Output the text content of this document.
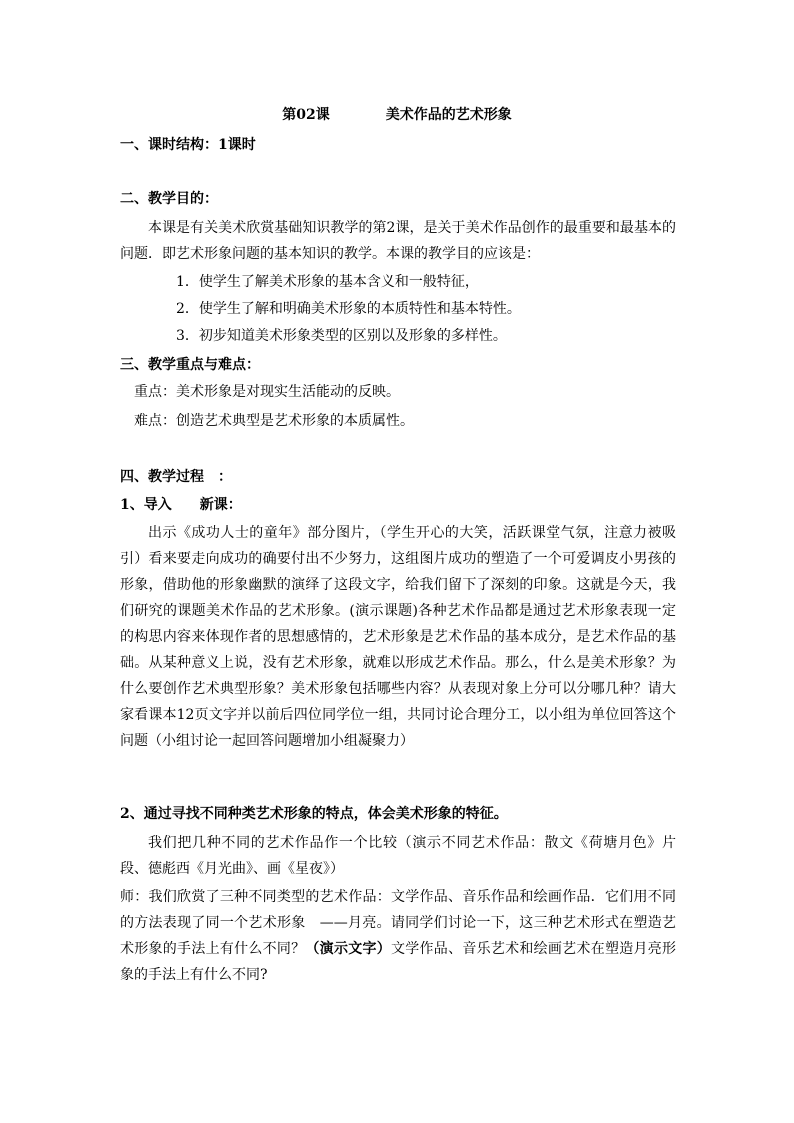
第02课	美术作品的艺术形象
一、课时结构：1课时
二、教学目的：
本课是有关美术欣赏基础知识教学的第2课，是关于美术作品创作的最重要和最基本的问题．即艺术形象问题的基本知识的教学。本课的教学目的应该是：
1．使学生了解美术形象的基本含义和一般特征，
2．使学生了解和明确美术形象的本质特性和基本特性。
3．初步知道美术形象类型的区别以及形象的多样性。
三、教学重点与难点：
重点：美术形象是对现实生活能动的反映。
难点：创造艺术典型是艺术形象的本质属性。
四、教学过程　：
1、导入　　新课：
出示《成功人士的童年》部分图片，（学生开心的大笑，活跃课堂气氛，注意力被吸引）看来要走向成功的确要付出不少努力，这组图片成功的塑造了一个可爱调皮小男孩的形象，借助他的形象幽默的演绎了这段文字，给我们留下了深刻的印象。这就是今天，我们研究的课题美术作品的艺术形象。(演示课题)各种艺术作品都是通过艺术形象表现一定的构思内容来体现作者的思想感情的，艺术形象是艺术作品的基本成分，是艺术作品的基础。从某种意义上说，没有艺术形象，就难以形成艺术作品。那么，什么是美术形象？为什么要创作艺术典型形象？美术形象包括哪些内容？从表现对象上分可以分哪几种？请大家看课本12页文字并以前后四位同学位一组，共同讨论合理分工，以小组为单位回答这个问题（小组讨论一起回答问题增加小组凝聚力）
2、通过寻找不同种类艺术形象的特点，体会美术形象的特征。
我们把几种不同的艺术作品作一个比较（演示不同艺术作品：散文《荷塘月色》片段、德彪西《月光曲》、画《星夜》）
师：我们欣赏了三种不同类型的艺术作品：文学作品、音乐作品和绘画作品．它们用不同的方法表现了同一个艺术形象　——月亮。请同学们讨论一下，这三种艺术形式在塑造艺术形象的手法上有什么不同？（演示文字）文学作品、音乐艺术和绘画艺术在塑造月亮形象的手法上有什么不同?
